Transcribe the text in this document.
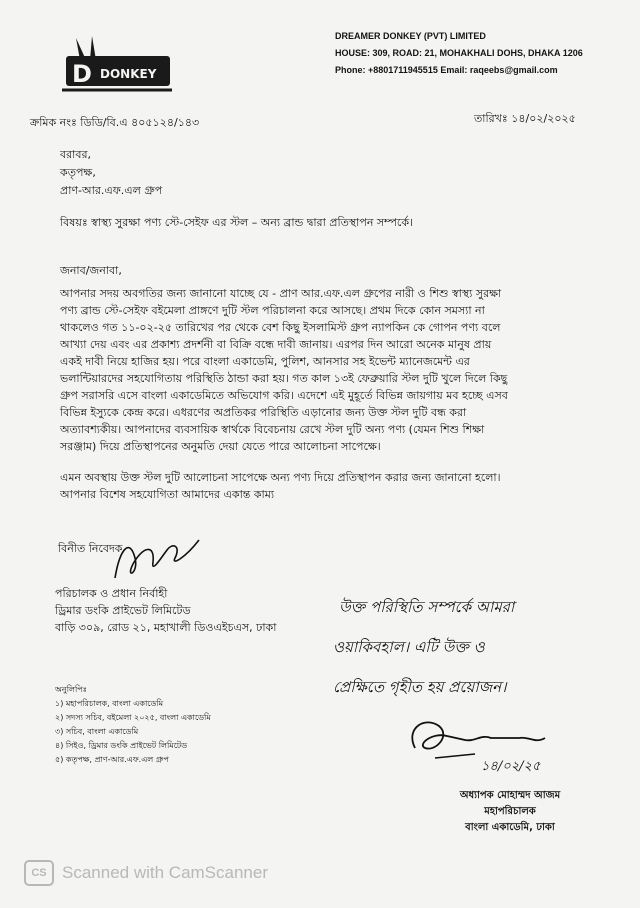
D DONKEY
DREAMER DONKEY (PVT) LIMITED
HOUSE: 309, ROAD: 21, MOHAKHALI DOHS, DHAKA 1206
Phone: +8801711945515 Email: raqeebs@gmail.com
ক্রমিক নংঃ ডিডি/বি.এ ৪০৫১২৪/১৪৩	তারিখঃ ১৪/০২/২০২৫
বরাবর,
কতৃপক্ষ,
প্রাণ-আর.এফ.এল গ্রুপ
বিষয়ঃ স্বাস্থ্য সুরক্ষা পণ্য স্টে-সেইফ এর স্টল – অন্য ব্রান্ড দ্বারা প্রতিস্থাপন সম্পর্কে।
জনাব/জনাবা,

আপনার সদয় অবগতির জন্য জানানো যাচ্ছে যে - প্রাণ আর.এফ.এল গ্রুপের নারী ও শিশু স্বাস্থ্য সুরক্ষা

পণ্য ব্রান্ড স্টে-সেইফ বইমেলা প্রাঙ্গণে দুটি স্টল পরিচালনা করে আসছে। প্রথম দিকে কোন সমস্যা না

থাকলেও গত ১১-০২-২৫ তারিখের পর থেকে বেশ কিছু ইসলামিস্ট গ্রুপ ন্যাপকিন কে গোপন পণ্য বলে

আখ্যা দেয় এবং এর প্রকাশ্য প্রদর্শনী বা বিক্রি বন্ধে দাবী জানায়। এরপর দিন আরো অনেক মানুষ প্রায়

একই দাবী নিয়ে হাজির হয়। পরে বাংলা একাডেমি, পুলিশ, আনসার সহ ইভেন্ট ম্যানেজমেন্ট এর

ভলান্টিয়ারদের সহযোগিতায় পরিস্থিতি ঠান্ডা করা হয়। গত কাল ১৩ই ফেব্রুয়ারি স্টল দুটি খুলে দিলে কিছু

গ্রুপ সরাসরি এসে বাংলা একাডেমিতে অভিযোগ করি। এদেশে এই মুহূর্তে বিভিন্ন জায়গায় মব হচ্ছে এসব

বিভিন্ন ইস্যুকে কেন্দ্র করে। এধরণের অপ্রতিকর পরিস্থিতি এড়ানোর জন্য উক্ত স্টল দুটি বন্ধ করা

অত্যাবশ্যকীয়। আপনাদের ব্যবসায়িক স্বার্থকে বিবেচনায় রেখে স্টল দুটি অন্য পণ্য (যেমন শিশু শিক্ষা

সরঞ্জাম) দিয়ে প্রতিস্থাপনের অনুমতি দেয়া যেতে পারে আলোচনা সাপেক্ষে।

এমন অবস্থায় উক্ত স্টল দুটি আলোচনা সাপেক্ষে অন্য পণ্য দিয়ে প্রতিস্থাপন করার জন্য জানানো হলো।

আপনার বিশেষ সহযোগিতা আমাদের একান্ত কাম্য

বিনীত নিবেদক
পরিচালক ও প্রধান নির্বাহী
ড্রিমার ডংকি প্রাইভেট লিমিটেড
বাড়ি ৩০৯, রোড ২১, মহাখালী ডিওএইচএস, ঢাকা
অনুলিপিঃ
১) মহাপরিচালক, বাংলা একাডেমি
২) সদস্য সচিব, বইমেলা ২০২৫, বাংলা একাডেমি
৩) সচিব, বাংলা একাডেমি
৪) সিইও, ড্রিমার ডংকি প্রাইভেট লিমিটেড
৫) কতৃপক্ষ, প্রাণ-আর.এফ.এল গ্রুপ
উক্ত পরিস্থিতি সম্পর্কে আমরা
ওয়াকিবহাল। এটি উক্ত ও
প্রেক্ষিতে গৃহীত হয় প্রয়োজন।
১৪/০২/২৫
অধ্যাপক মোহাম্মদ আজম
মহাপরিচালক
বাংলা একাডেমি, ঢাকা
CS Scanned with CamScanner
